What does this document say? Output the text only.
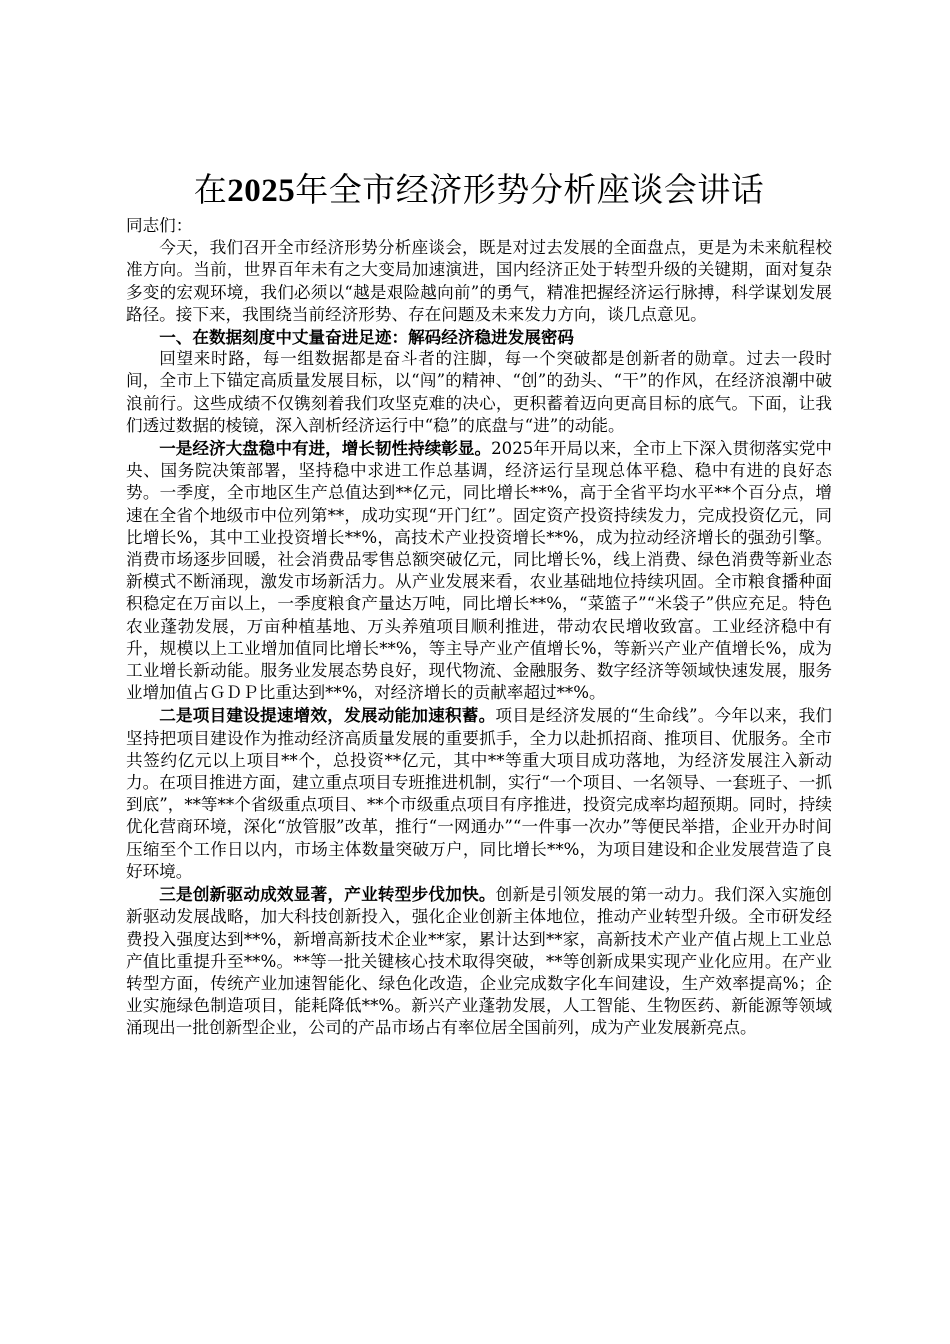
在2025年全市经济形势分析座谈会讲话

同志们：

今天，我们召开全市经济形势分析座谈会，既是对过去发展的全面盘点，更是为未来航程校准方向。当前，世界百年未有之大变局加速演进，国内经济正处于转型升级的关键期，面对复杂多变的宏观环境，我们必须以“越是艰险越向前”的勇气，精准把握经济运行脉搏，科学谋划发展路径。接下来，我围绕当前经济形势、存在问题及未来发力方向，谈几点意见。

一、在数据刻度中丈量奋进足迹：解码经济稳进发展密码

回望来时路，每一组数据都是奋斗者的注脚，每一个突破都是创新者的勋章。过去一段时间，全市上下锚定高质量发展目标，以“闯”的精神、“创”的劲头、“干”的作风，在经济浪潮中破浪前行。这些成绩不仅镌刻着我们攻坚克难的决心，更积蓄着迈向更高目标的底气。下面，让我们透过数据的棱镜，深入剖析经济运行中“稳”的底盘与“进”的动能。

一是经济大盘稳中有进，增长韧性持续彰显。2025年开局以来，全市上下深入贯彻落实党中央、国务院决策部署，坚持稳中求进工作总基调，经济运行呈现总体平稳、稳中有进的良好态势。一季度，全市地区生产总值达到**亿元，同比增长**%，高于全省平均水平**个百分点，增速在全省个地级市中位列第**，成功实现“开门红”。固定资产投资持续发力，完成投资亿元，同比增长%，其中工业投资增长**%，高技术产业投资增长**%，成为拉动经济增长的强劲引擎。消费市场逐步回暖，社会消费品零售总额突破亿元，同比增长%，线上消费、绿色消费等新业态新模式不断涌现，激发市场新活力。从产业发展来看，农业基础地位持续巩固。全市粮食播种面积稳定在万亩以上，一季度粮食产量达万吨，同比增长**%，“菜篮子”“米袋子”供应充足。特色农业蓬勃发展，万亩种植基地、万头养殖项目顺利推进，带动农民增收致富。工业经济稳中有升，规模以上工业增加值同比增长**%，等主导产业产值增长%，等新兴产业产值增长%，成为工业增长新动能。服务业发展态势良好，现代物流、金融服务、数字经济等领域快速发展，服务业增加值占ＧＤＰ比重达到**%，对经济增长的贡献率超过**%。

二是项目建设提速增效，发展动能加速积蓄。项目是经济发展的“生命线”。今年以来，我们坚持把项目建设作为推动经济高质量发展的重要抓手，全力以赴抓招商、推项目、优服务。全市共签约亿元以上项目**个，总投资**亿元，其中**等重大项目成功落地，为经济发展注入新动力。在项目推进方面，建立重点项目专班推进机制，实行“一个项目、一名领导、一套班子、一抓到底”，**等**个省级重点项目、**个市级重点项目有序推进，投资完成率均超预期。同时，持续优化营商环境，深化“放管服”改革，推行“一网通办”“一件事一次办”等便民举措，企业开办时间压缩至个工作日以内，市场主体数量突破万户，同比增长**%，为项目建设和企业发展营造了良好环境。

三是创新驱动成效显著，产业转型步伐加快。创新是引领发展的第一动力。我们深入实施创新驱动发展战略，加大科技创新投入，强化企业创新主体地位，推动产业转型升级。全市研发经费投入强度达到**%，新增高新技术企业**家，累计达到**家，高新技术产业产值占规上工业总产值比重提升至**%。**等一批关键核心技术取得突破，**等创新成果实现产业化应用。在产业转型方面，传统产业加速智能化、绿色化改造，企业完成数字化车间建设，生产效率提高%；企业实施绿色制造项目，能耗降低**%。新兴产业蓬勃发展，人工智能、生物医药、新能源等领域涌现出一批创新型企业，公司的产品市场占有率位居全国前列，成为产业发展新亮点。
